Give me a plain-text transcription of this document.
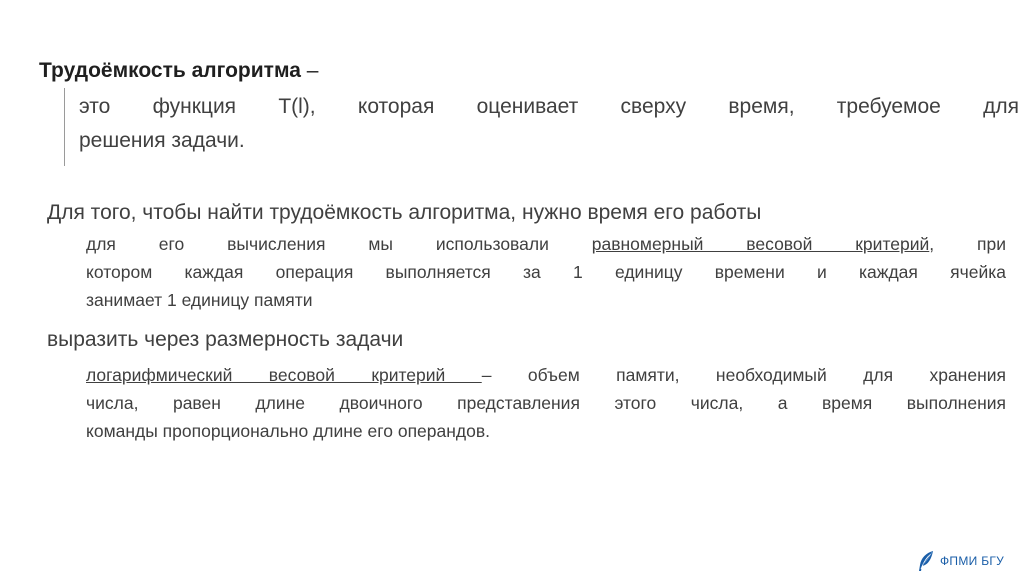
Трудоёмкость алгоритма –
это функция T(l), которая оценивает сверху время, требуемое для
решения задачи.
Для того, чтобы найти трудоёмкость алгоритма, нужно время его работы
для его вычисления мы использовали равномерный весовой критерий, при
котором каждая операция выполняется за 1 единицу времени и каждая ячейка
занимает 1 единицу памяти
выразить через размерность задачи
логарифмический весовой критерий – объем памяти, необходимый для хранения
числа, равен длине двоичного представления этого числа, а время выполнения
команды пропорционально длине его операндов.
ФПМИ БГУ
